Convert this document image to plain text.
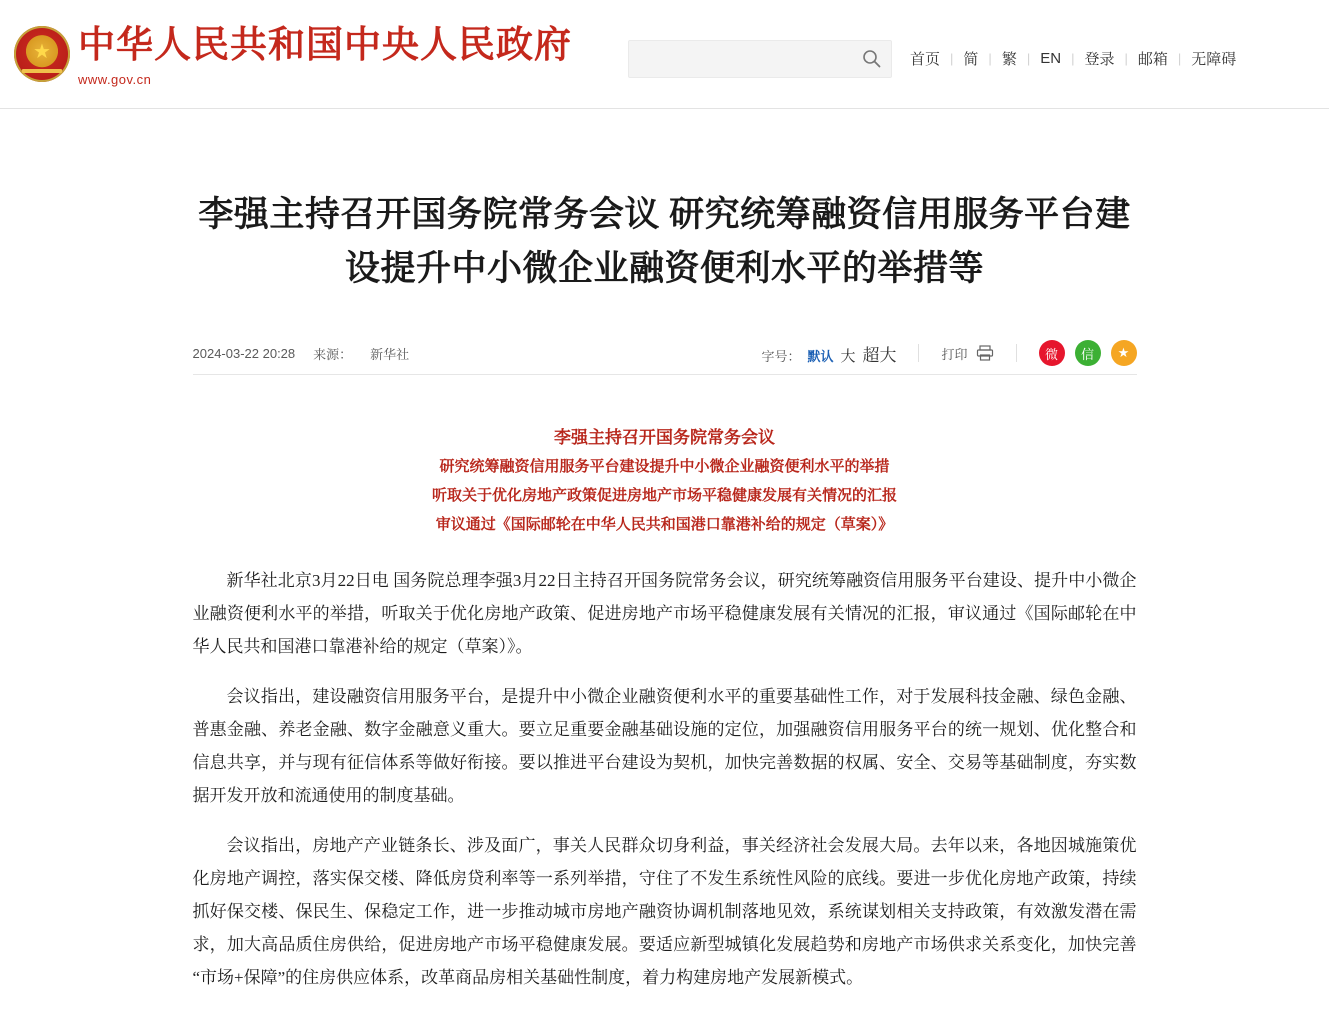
★ 中华人民共和国中央人民政府
www.gov.cn
首页 | 简 | 繁 | EN | 登录 | 邮箱 | 无障碍
李强主持召开国务院常务会议 研究统筹融资信用服务平台建设提升中小微企业融资便利水平的举措等
2024-03-22 20:28 来源： 新华社	字号： 默认 大 超大	打印	微	信	★
李强主持召开国务院常务会议
研究统筹融资信用服务平台建设提升中小微企业融资便利水平的举措
听取关于优化房地产政策促进房地产市场平稳健康发展有关情况的汇报
审议通过《国际邮轮在中华人民共和国港口靠港补给的规定（草案）》

新华社北京3月22日电 国务院总理李强3月22日主持召开国务院常务会议，研究统筹融资信用服务平台建设、提升中小微企业融资便利水平的举措，听取关于优化房地产政策、促进房地产市场平稳健康发展有关情况的汇报，审议通过《国际邮轮在中华人民共和国港口靠港补给的规定（草案）》。

会议指出，建设融资信用服务平台，是提升中小微企业融资便利水平的重要基础性工作，对于发展科技金融、绿色金融、普惠金融、养老金融、数字金融意义重大。要立足重要金融基础设施的定位，加强融资信用服务平台的统一规划、优化整合和信息共享，并与现有征信体系等做好衔接。要以推进平台建设为契机，加快完善数据的权属、安全、交易等基础制度，夯实数据开发开放和流通使用的制度基础。

会议指出，房地产产业链条长、涉及面广，事关人民群众切身利益，事关经济社会发展大局。去年以来，各地因城施策优化房地产调控，落实保交楼、降低房贷利率等一系列举措，守住了不发生系统性风险的底线。要进一步优化房地产政策，持续抓好保交楼、保民生、保稳定工作，进一步推动城市房地产融资协调机制落地见效，系统谋划相关支持政策，有效激发潜在需求，加大高品质住房供给，促进房地产市场平稳健康发展。要适应新型城镇化发展趋势和房地产市场供求关系变化，加快完善“市场+保障”的住房供应体系，改革商品房相关基础性制度，着力构建房地产发展新模式。
